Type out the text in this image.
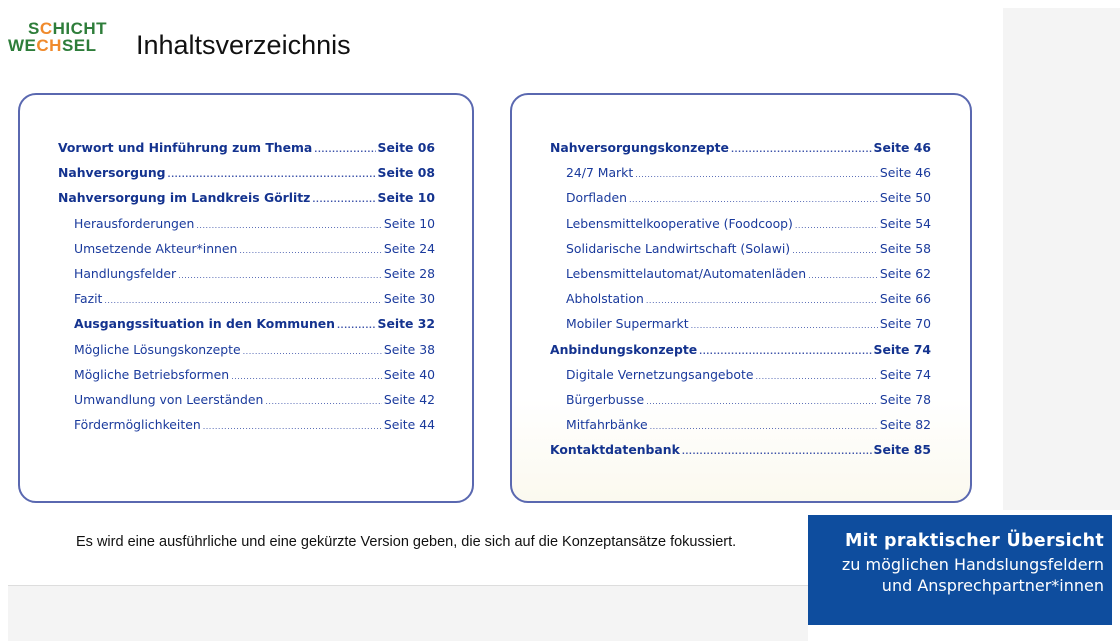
SCHICHT
WECHSEL Inhaltsverzeichnis
Vorwort und Hinführung zum Thema .....	Seite 06
Nahversorgung .....	Seite 08
Nahversorgung im Landkreis Görlitz .....	Seite 10
Herausforderungen .....	Seite 10
Umsetzende Akteur*innen .....	Seite 24
Handlungsfelder .....	Seite 28
Fazit .....	Seite 30
Ausgangssituation in den Kommunen .....	Seite 32
Mögliche Lösungskonzepte .....	Seite 38
Mögliche Betriebsformen .....	Seite 40
Umwandlung von Leerständen .....	Seite 42
Fördermöglichkeiten .....	Seite 44
Nahversorgungskonzepte .....	Seite 46
24/7 Markt .....	Seite 46
Dorfladen .....	Seite 50
Lebensmittelkooperative (Foodcoop) .....	Seite 54
Solidarische Landwirtschaft (Solawi) .....	Seite 58
Lebensmittelautomat/Automatenläden .....	Seite 62
Abholstation .....	Seite 66
Mobiler Supermarkt .....	Seite 70
Anbindungskonzepte .....	Seite 74
Digitale Vernetzungsangebote .....	Seite 74
Bürgerbusse .....	Seite 78
Mitfahrbänke .....	Seite 82
Kontaktdatenbank .....	Seite 85
Es wird eine ausführliche und eine gekürzte Version geben, die sich auf die Konzeptansätze fokussiert.	Mit praktischer Übersicht
zu möglichen Handslungsfeldern
und Ansprechpartner*innen
